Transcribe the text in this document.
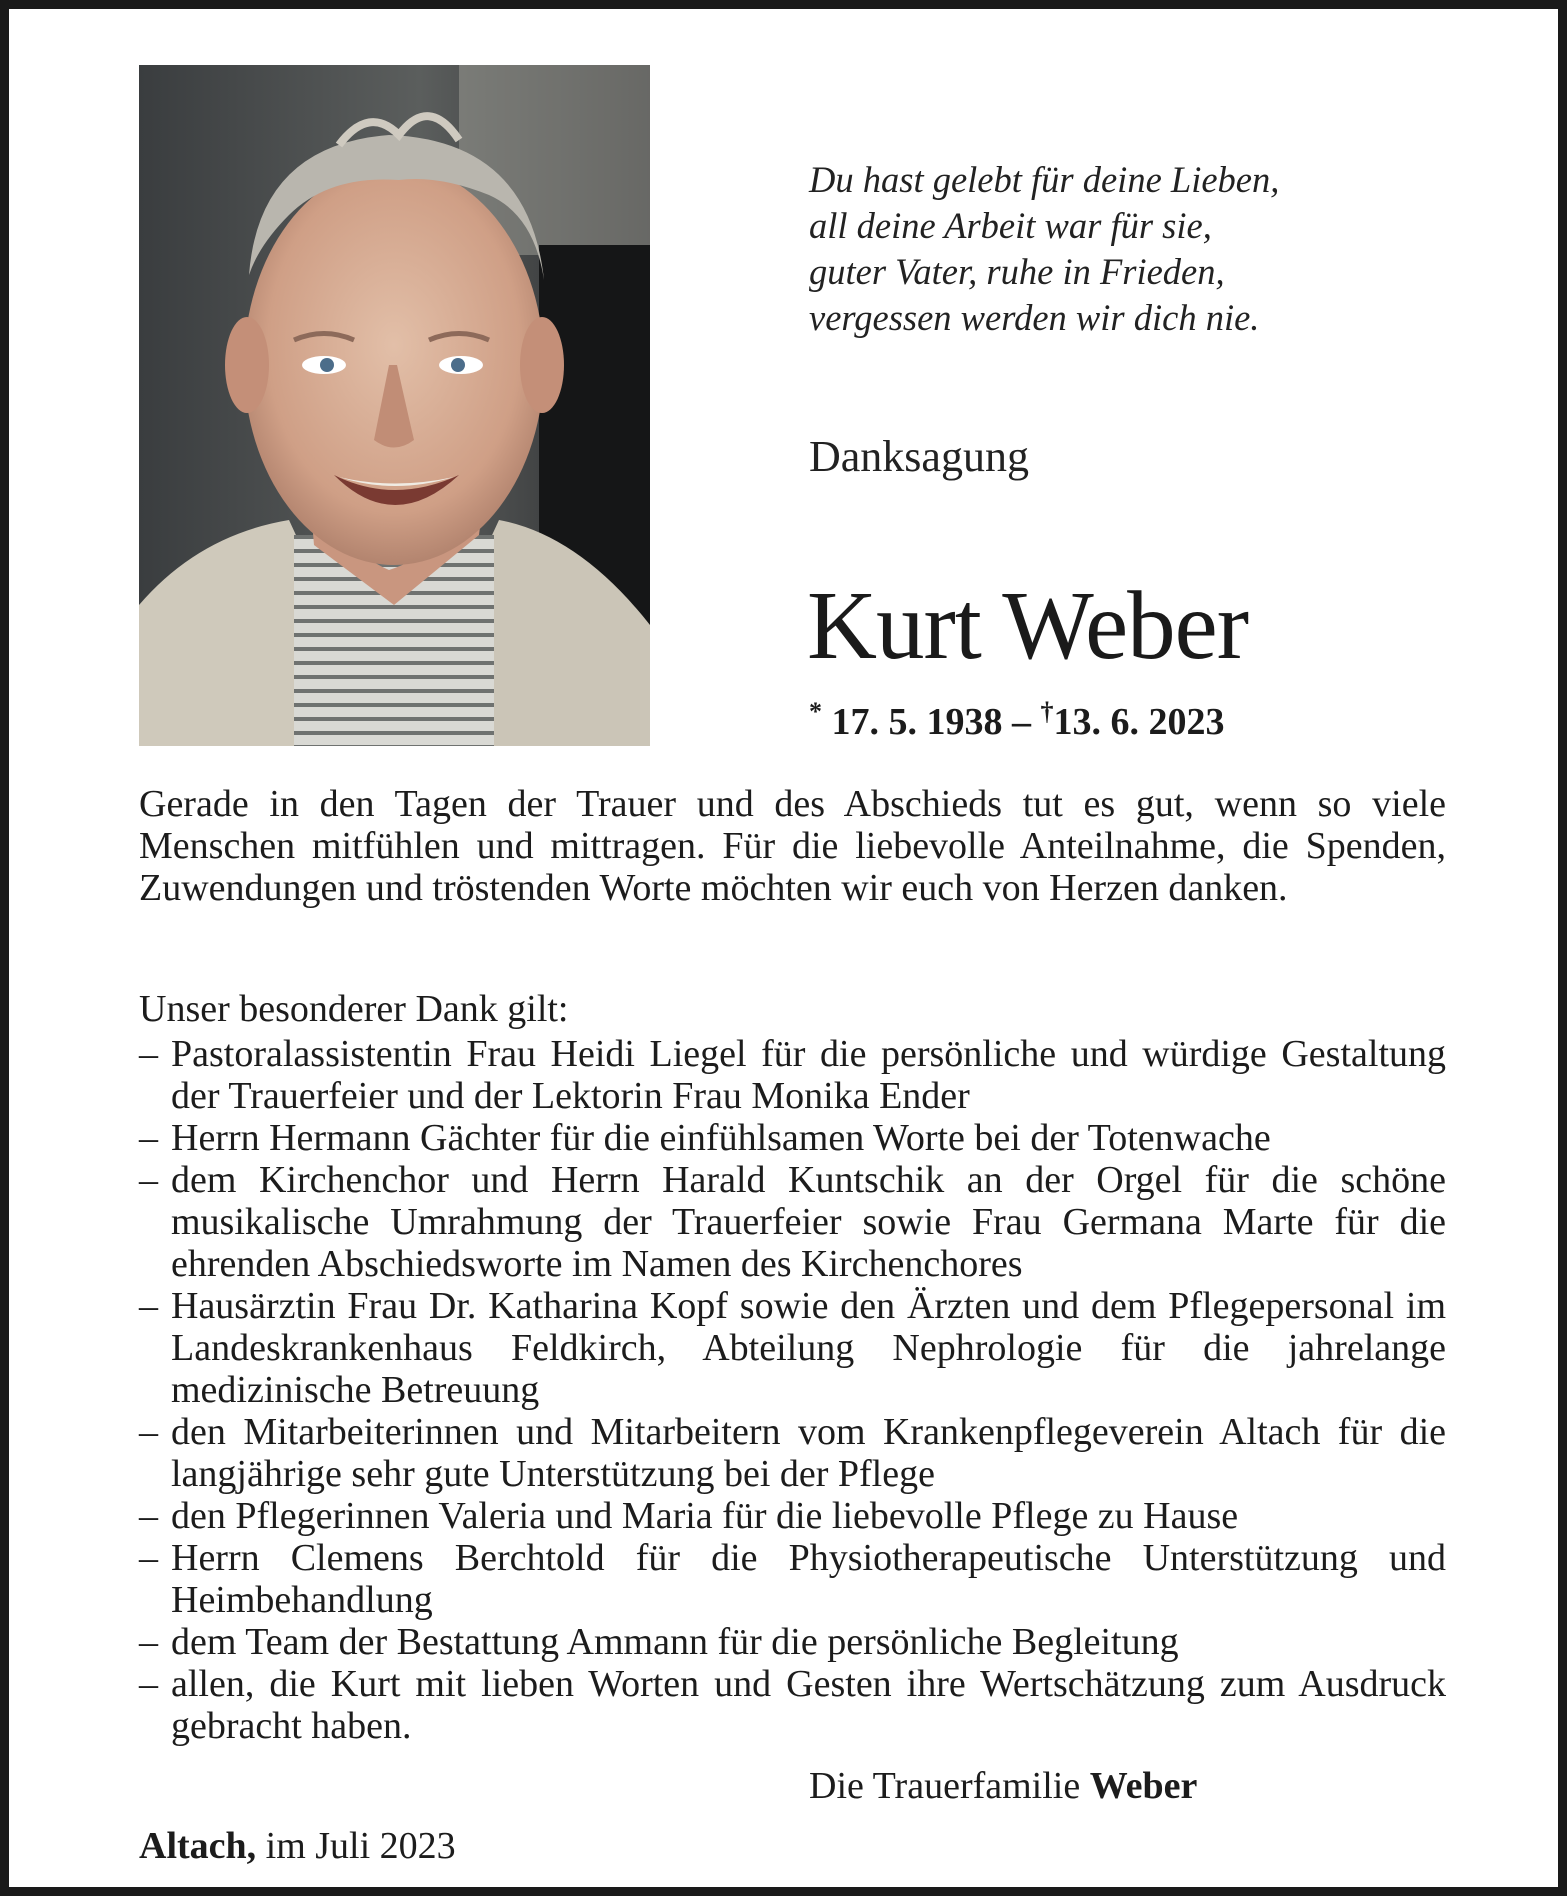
Du hast gelebt für deine Lieben,
all deine Arbeit war für sie,
guter Vater, ruhe in Frieden,
vergessen werden wir dich nie.
Danksagung
Kurt Weber
* 17. 5. 1938 – †13. 6. 2023
Gerade in den Tagen der Trauer und des Abschieds tut es gut, wenn so viele Menschen mitfühlen und mittragen. Für die liebevolle Anteilnahme, die Spenden, Zuwendungen und tröstenden Worte möchten wir euch von Herzen danken.
Unser besonderer Dank gilt:
– Pastoralassistentin Frau Heidi Liegel für die persönliche und würdige Gestaltung der Trauerfeier und der Lektorin Frau Monika Ender
– Herrn Hermann Gächter für die einfühlsamen Worte bei der Totenwache
– dem Kirchenchor und Herrn Harald Kuntschik an der Orgel für die schöne musikalische Umrahmung der Trauerfeier sowie Frau Germana Marte für die ehrenden Abschiedsworte im Namen des Kirchenchores
– Hausärztin Frau Dr. Katharina Kopf sowie den Ärzten und dem Pflegepersonal im Landeskrankenhaus Feldkirch, Abteilung Nephrologie für die jahrelange medizinische Betreuung
– den Mitarbeiterinnen und Mitarbeitern vom Krankenpflegeverein Altach für die langjährige sehr gute Unterstützung bei der Pflege
– den Pflegerinnen Valeria und Maria für die liebevolle Pflege zu Hause
– Herrn Clemens Berchtold für die Physiotherapeutische Unterstützung und Heimbehandlung
– dem Team der Bestattung Ammann für die persönliche Begleitung
– allen, die Kurt mit lieben Worten und Gesten ihre Wertschätzung zum Ausdruck gebracht haben.
Die Trauerfamilie Weber
Altach, im Juli 2023
